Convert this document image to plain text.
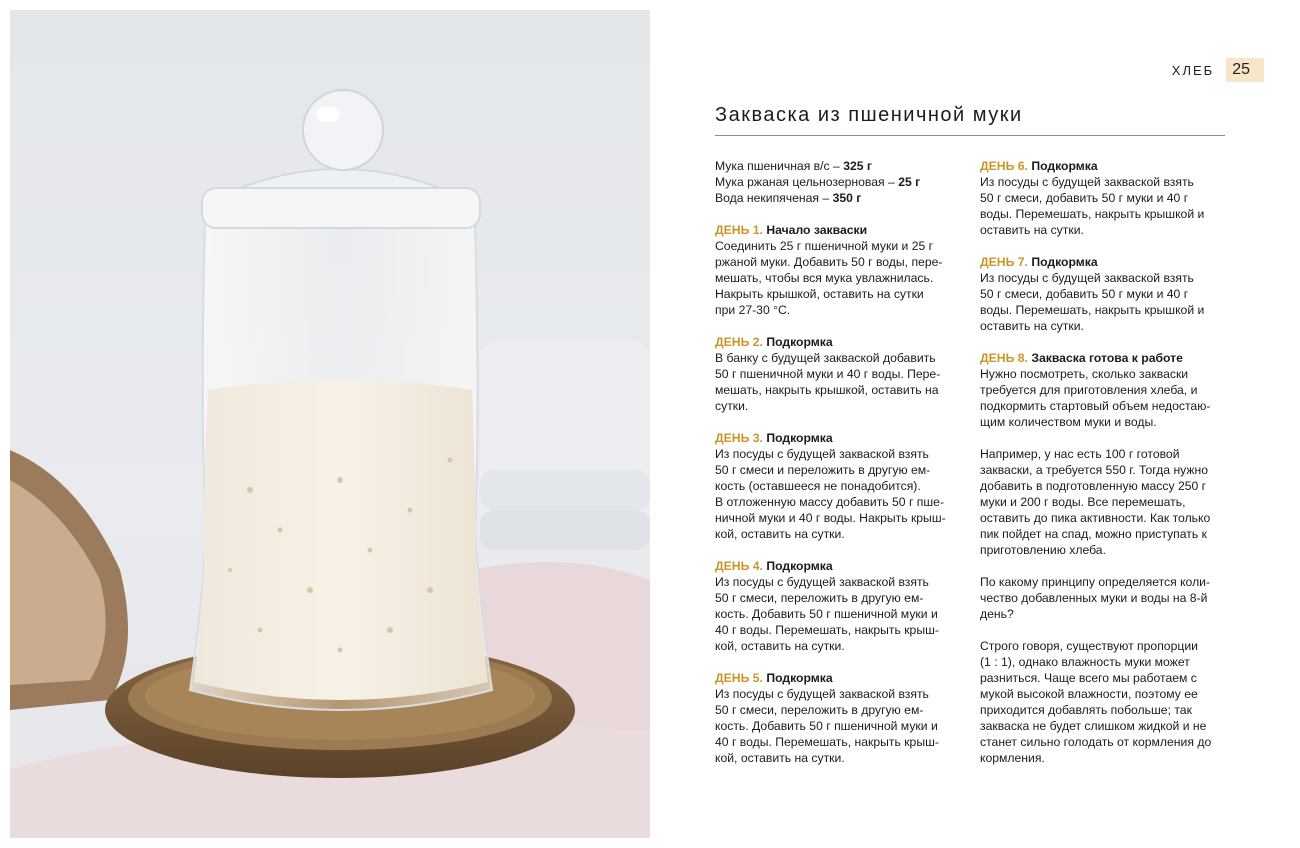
ХЛЕБ	25
Закваска из пшеничной муки
Мука пшеничная в/с – 325 г
Мука ржаная цельнозерновая – 25 г
Вода некипяченая – 350 г
ДЕНЬ 1. Начало закваски
Соединить 25 г пшеничной муки и 25 г
ржаной муки. Добавить 50 г воды, пере-
мешать, чтобы вся мука увлажнилась.
Накрыть крышкой, оставить на сутки
при 27-30 °С.
ДЕНЬ 2. Подкормка
В банку с будущей закваской добавить
50 г пшеничной муки и 40 г воды. Пере-
мешать, накрыть крышкой, оставить на
сутки.
ДЕНЬ 3. Подкормка
Из посуды с будущей закваской взять
50 г смеси и переложить в другую ем-
кость (оставшееся не понадобится).
В отложенную массу добавить 50 г пше-
ничной муки и 40 г воды. Накрыть крыш-
кой, оставить на сутки.
ДЕНЬ 4. Подкормка
Из посуды с будущей закваской взять
50 г смеси, переложить в другую ем-
кость. Добавить 50 г пшеничной муки и
40 г воды. Перемешать, накрыть крыш-
кой, оставить на сутки.
ДЕНЬ 5. Подкормка
Из посуды с будущей закваской взять
50 г смеси, переложить в другую ем-
кость. Добавить 50 г пшеничной муки и
40 г воды. Перемешать, накрыть крыш-
кой, оставить на сутки.
ДЕНЬ 6. Подкормка
Из посуды с будущей закваской взять
50 г смеси, добавить 50 г муки и 40 г
воды. Перемешать, накрыть крышкой и
оставить на сутки.
ДЕНЬ 7. Подкормка
Из посуды с будущей закваской взять
50 г смеси, добавить 50 г муки и 40 г
воды. Перемешать, накрыть крышкой и
оставить на сутки.
ДЕНЬ 8. Закваска готова к работе
Нужно посмотреть, сколько закваски
требуется для приготовления хлеба, и
подкормить стартовый объем недостаю-
щим количеством муки и воды.

Например, у нас есть 100 г готовой
закваски, а требуется 550 г. Тогда нужно
добавить в подготовленную массу 250 г
муки и 200 г воды. Все перемешать,
оставить до пика активности. Как только
пик пойдет на спад, можно приступать к
приготовлению хлеба.

По какому принципу определяется коли-
чество добавленных муки и воды на 8-й
день?

Строго говоря, существуют пропорции
(1 : 1), однако влажность муки может
разниться. Чаще всего мы работаем с
мукой высокой влажности, поэтому ее
приходится добавлять побольше; так
закваска не будет слишком жидкой и не
станет сильно голодать от кормления до
кормления.
